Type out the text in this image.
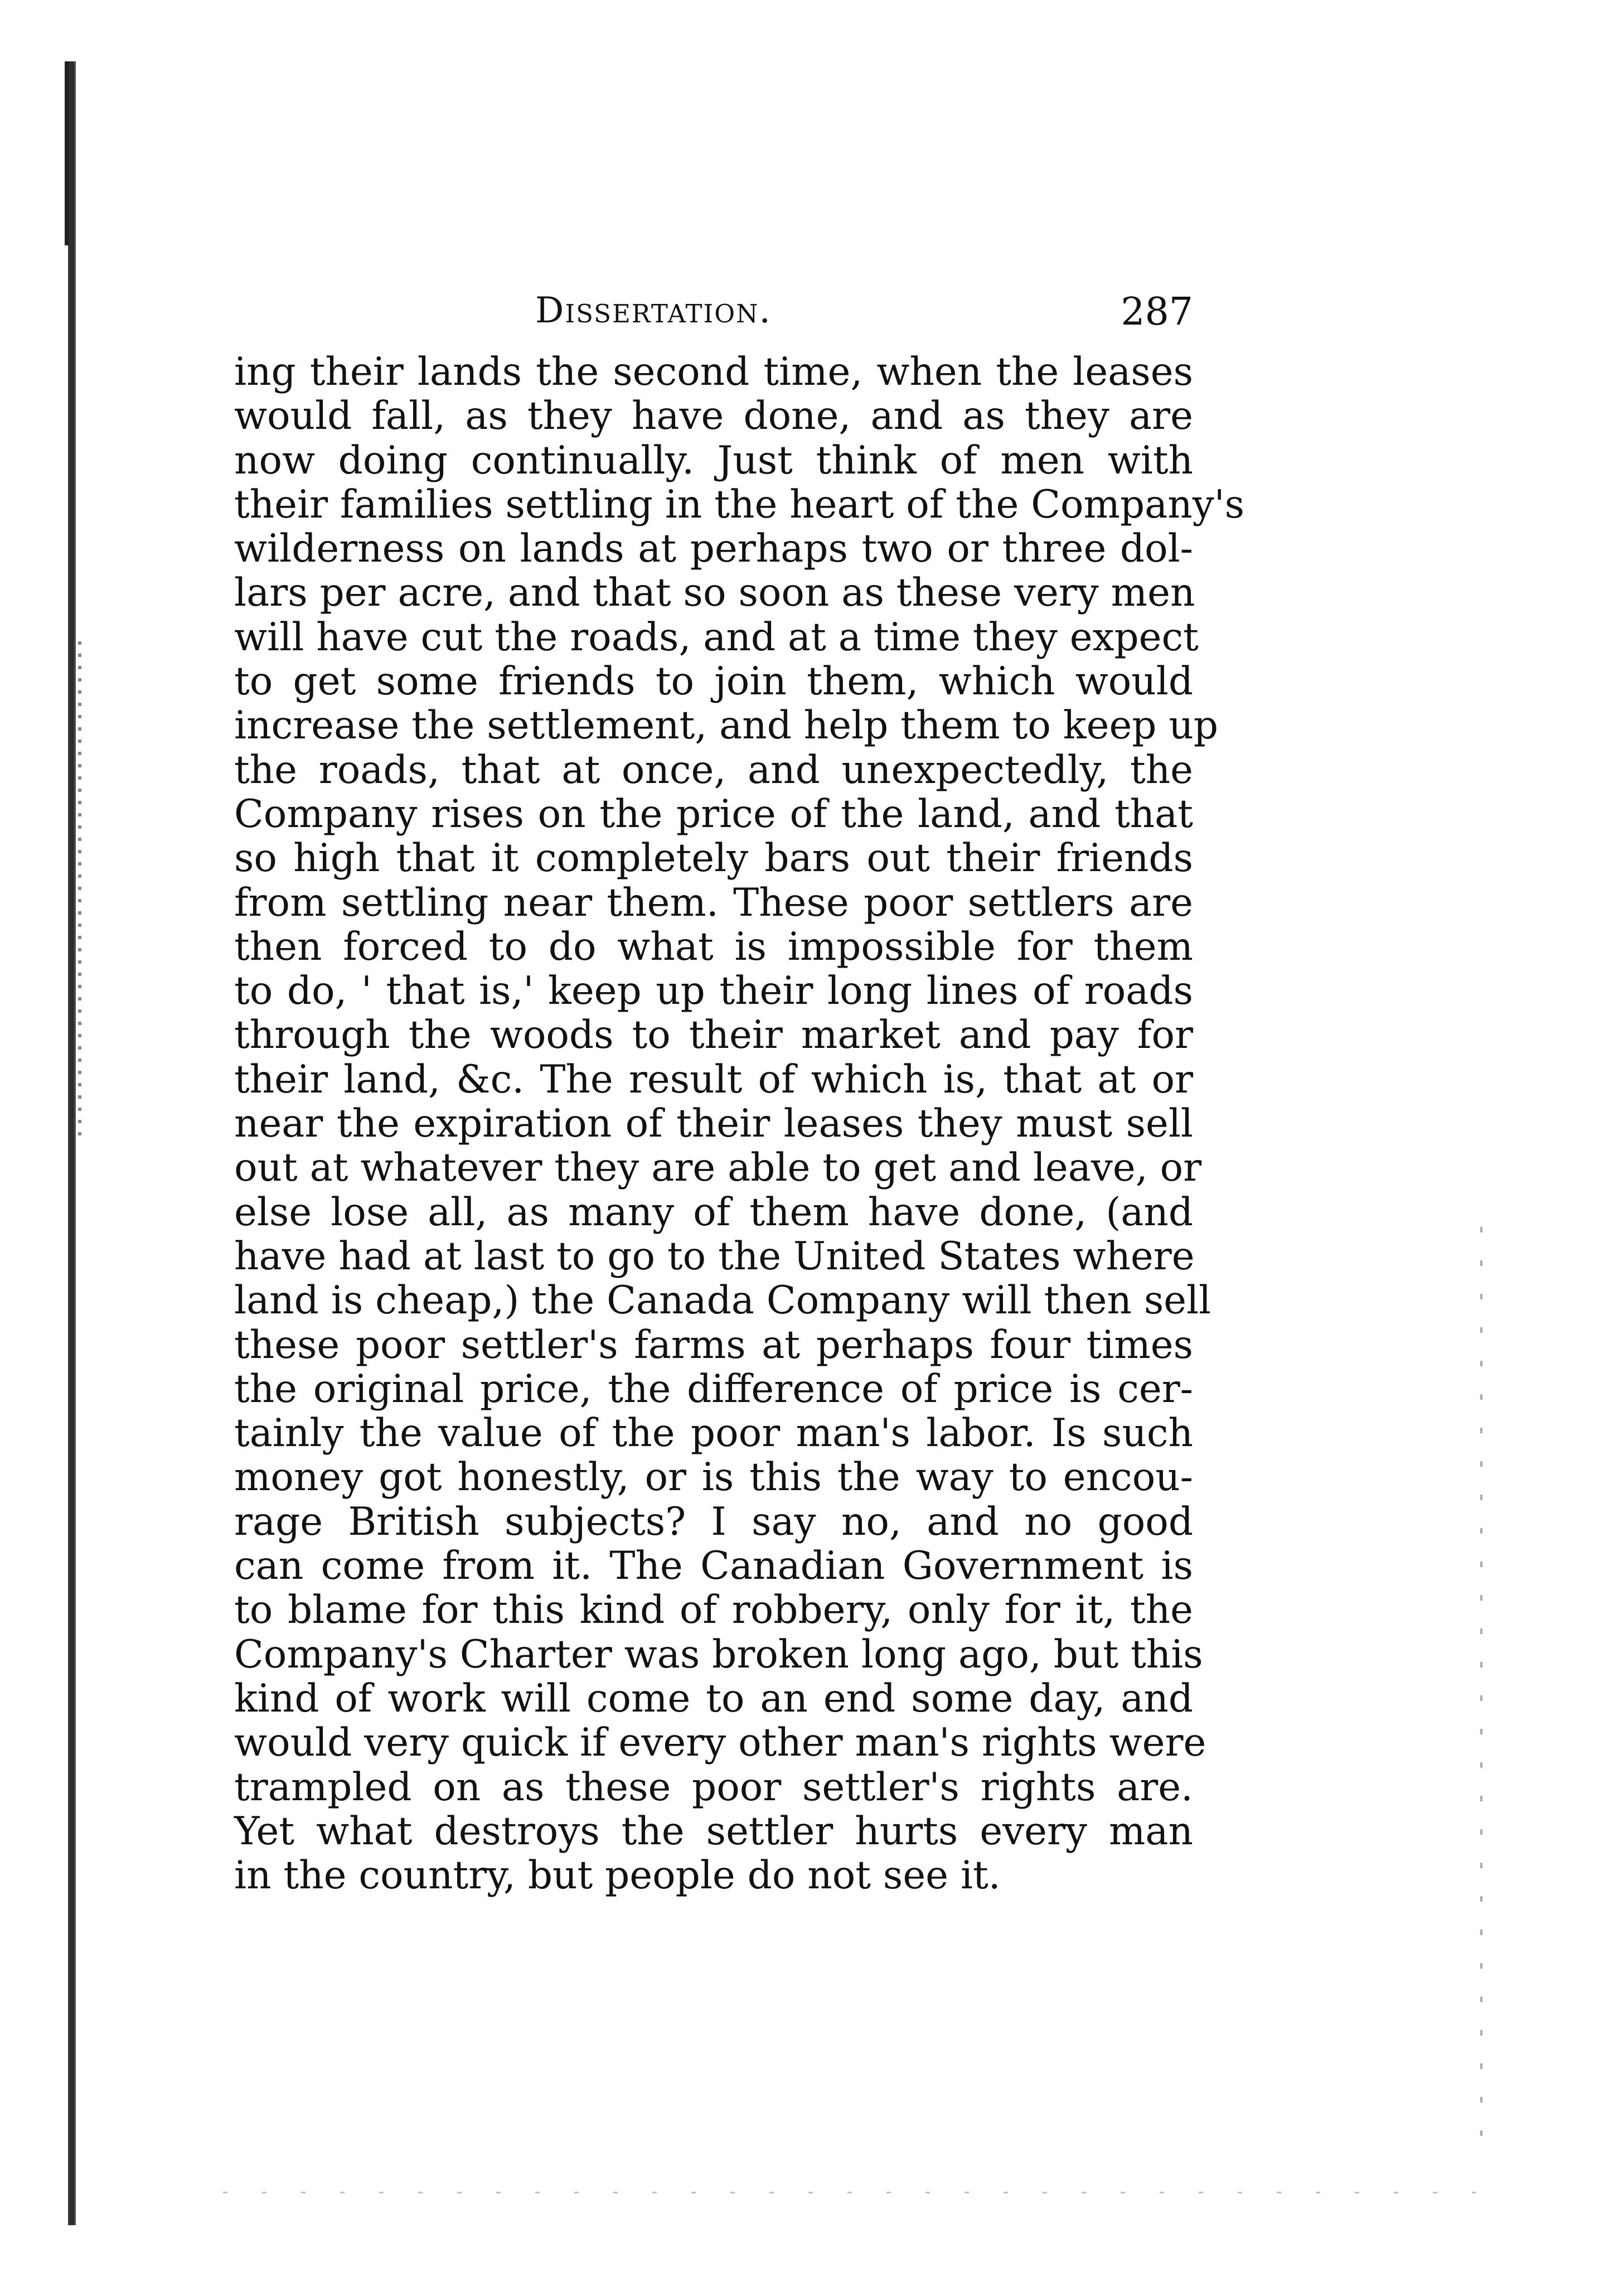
Dissertation.	287
ing their lands the second time, when the leases
would fall, as they have done, and as they are
now doing continually. Just think of men with
their families settling in the heart of the Company's
wilderness on lands at perhaps two or three dol-
lars per acre, and that so soon as these very men
will have cut the roads, and at a time they expect
to get some friends to join them, which would
increase the settlement, and help them to keep up
the roads, that at once, and unexpectedly, the
Company rises on the price of the land, and that
so high that it completely bars out their friends
from settling near them. These poor settlers are
then forced to do what is impossible for them
to do, ' that is,' keep up their long lines of roads
through the woods to their market and pay for
their land, &c. The result of which is, that at or
near the expiration of their leases they must sell
out at whatever they are able to get and leave, or
else lose all, as many of them have done, (and
have had at last to go to the United States where
land is cheap,) the Canada Company will then sell
these poor settler's farms at perhaps four times
the original price, the difference of price is cer-
tainly the value of the poor man's labor. Is such
money got honestly, or is this the way to encou-
rage British subjects? I say no, and no good
can come from it. The Canadian Government is
to blame for this kind of robbery, only for it, the
Company's Charter was broken long ago, but this
kind of work will come to an end some day, and
would very quick if every other man's rights were
trampled on as these poor settler's rights are.
Yet what destroys the settler hurts every man
in the country, but people do not see it.
